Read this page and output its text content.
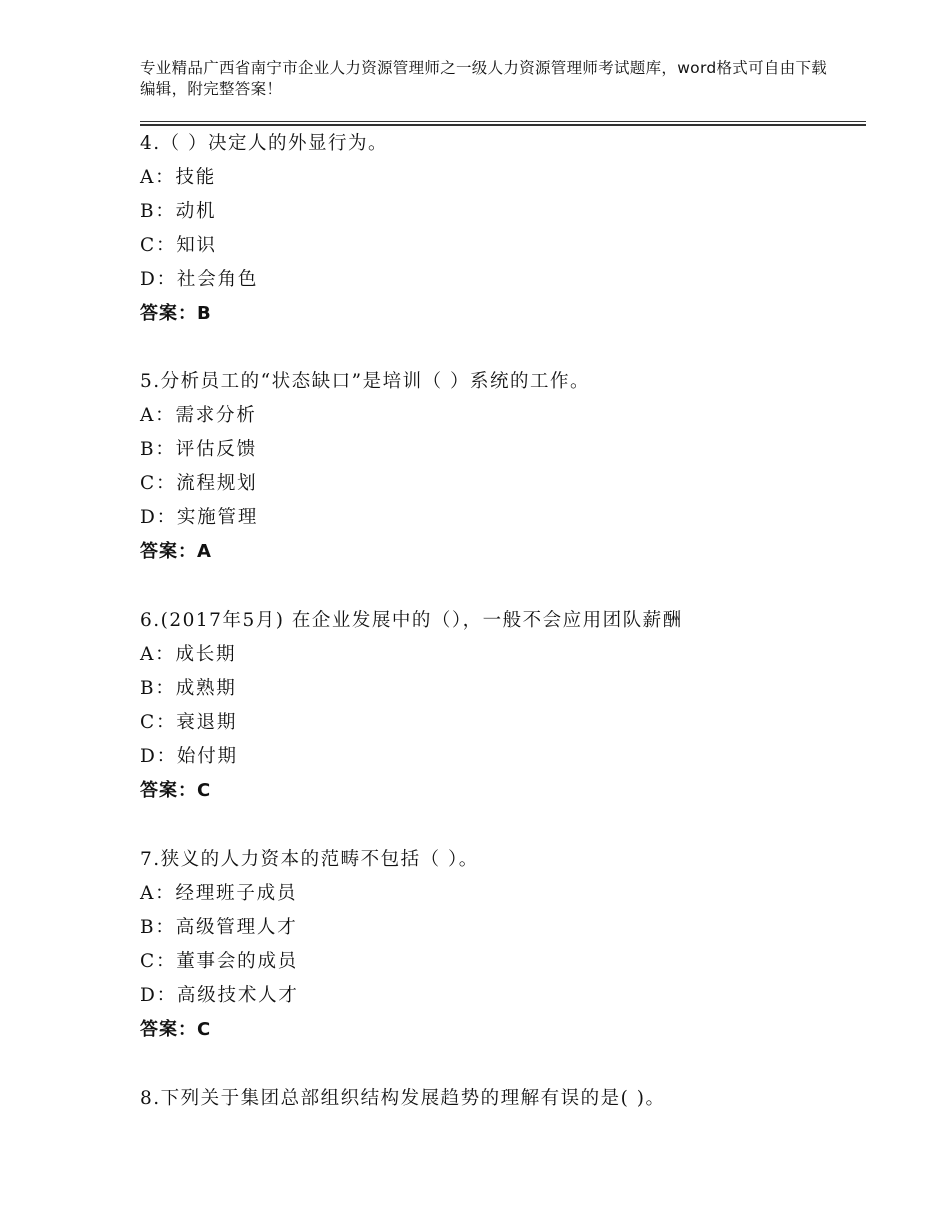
专业精品广西省南宁市企业人力资源管理师之一级人力资源管理师考试题库，word格式可自由下载编辑，附完整答案！
4.（ ）决定人的外显行为。
A：技能
B：动机
C：知识
D：社会角色
答案：B
5.分析员工的“状态缺口”是培训（ ）系统的工作。
A：需求分析
B：评估反馈
C：流程规划
D：实施管理
答案：A
6.(2017年5月) 在企业发展中的（），一般不会应用团队薪酬
A：成长期
B：成熟期
C：衰退期
D：始付期
答案：C
7.狭义的人力资本的范畴不包括（ ）。
A：经理班子成员
B：高级管理人才
C：董事会的成员
D：高级技术人才
答案：C
8.下列关于集团总部组织结构发展趋势的理解有误的是( )。
